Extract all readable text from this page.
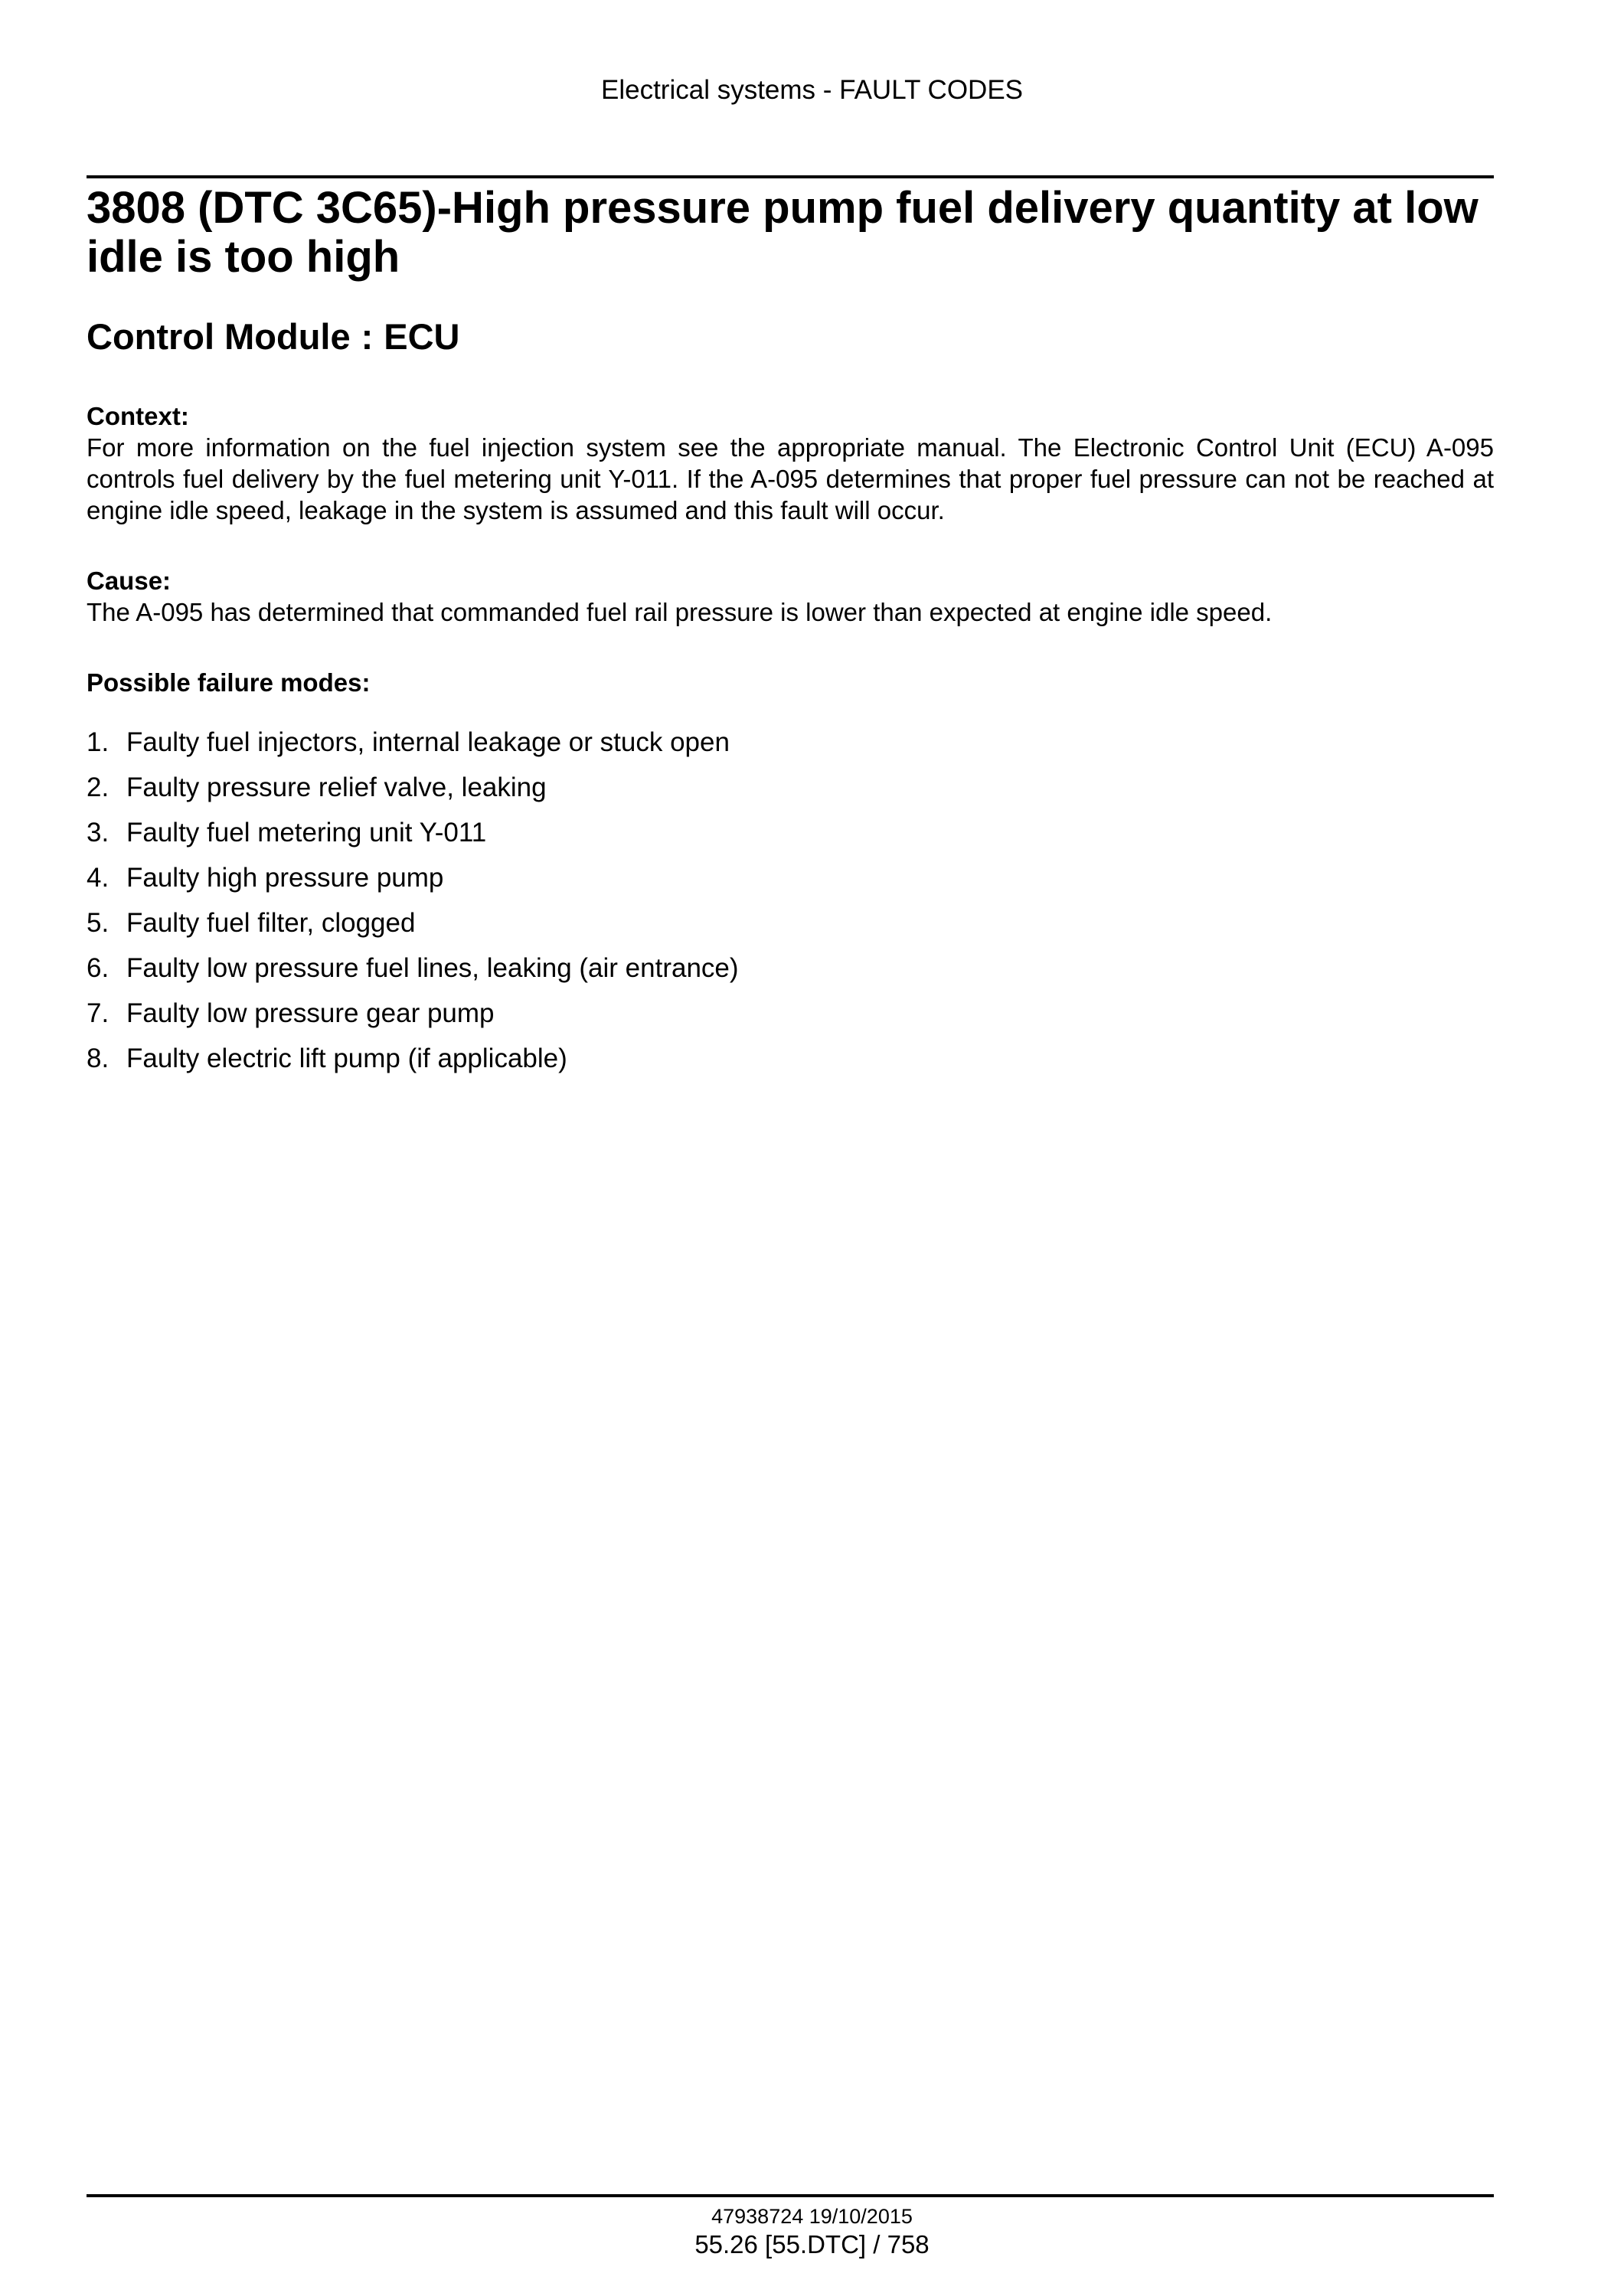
Electrical systems - FAULT CODES
3808 (DTC 3C65)-High pressure pump fuel delivery quantity at low
idle is too high
Control Module : ECU
Context:

For more information on the fuel injection system see the appropriate manual. The Electronic Control Unit (ECU) A-095 controls fuel delivery by the fuel metering unit Y-011. If the A-095 determines that proper fuel pressure can not be reached at engine idle speed, leakage in the system is assumed and this fault will occur.

Cause:

The A-095 has determined that commanded fuel rail pressure is lower than expected at engine idle speed.

Possible failure modes:
1. Faulty fuel injectors, internal leakage or stuck open
2. Faulty pressure relief valve, leaking
3. Faulty fuel metering unit Y-011
4. Faulty high pressure pump
5. Faulty fuel filter, clogged
6. Faulty low pressure fuel lines, leaking (air entrance)
7. Faulty low pressure gear pump
8. Faulty electric lift pump (if applicable)
47938724 19/10/2015
55.26 [55.DTC] / 758
